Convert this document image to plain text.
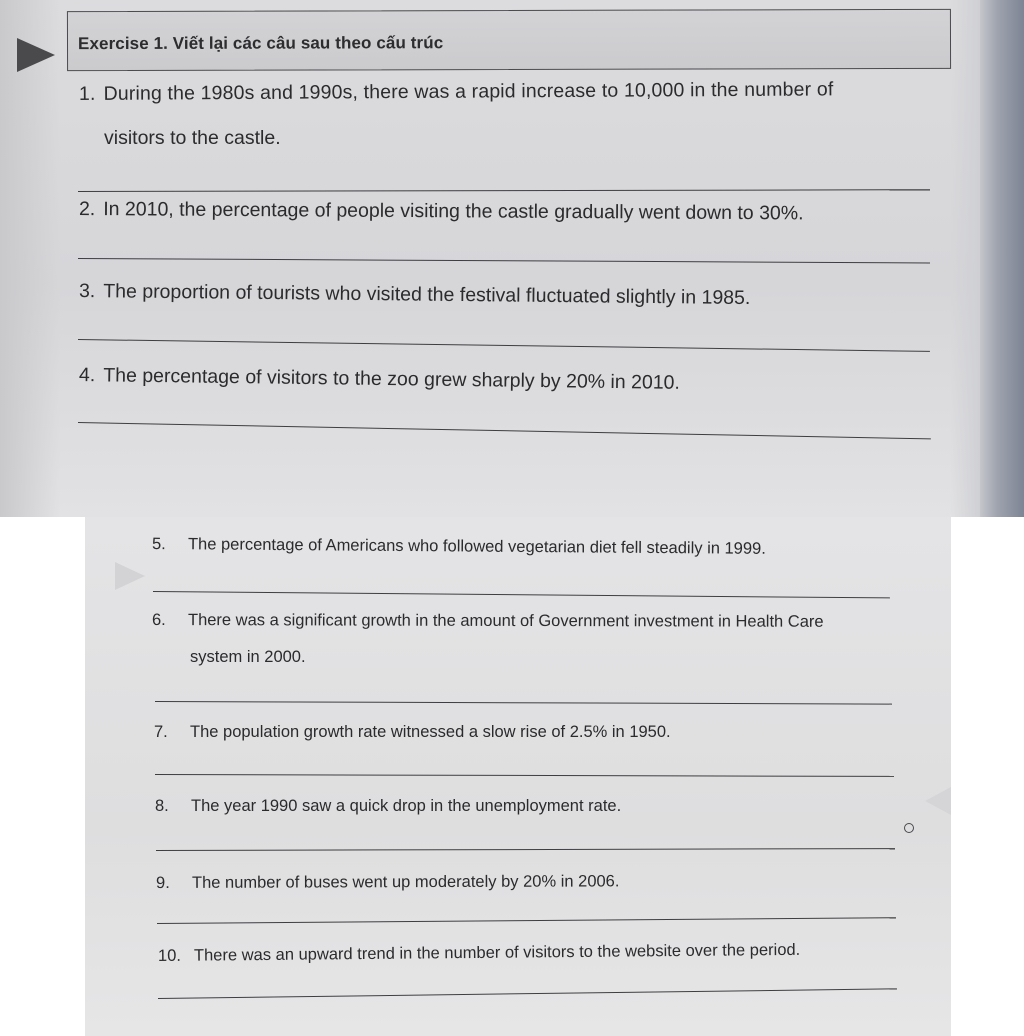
Exercise 1. Viết lại các câu sau theo cấu trúc
1. During the 1980s and 1990s, there was a rapid increase to 10,000 in the number of
visitors to the castle.
2. In 2010, the percentage of people visiting the castle gradually went down to 30%.
3. The proportion of tourists who visited the festival fluctuated slightly in 1985.
4. The percentage of visitors to the zoo grew sharply by 20% in 2010.
5. The percentage of Americans who followed vegetarian diet fell steadily in 1999.
6. There was a significant growth in the amount of Government investment in Health Care
system in 2000.
7. The population growth rate witnessed a slow rise of 2.5% in 1950.
8. The year 1990 saw a quick drop in the unemployment rate.
9. The number of buses went up moderately by 20% in 2006.
10. There was an upward trend in the number of visitors to the website over the period.
